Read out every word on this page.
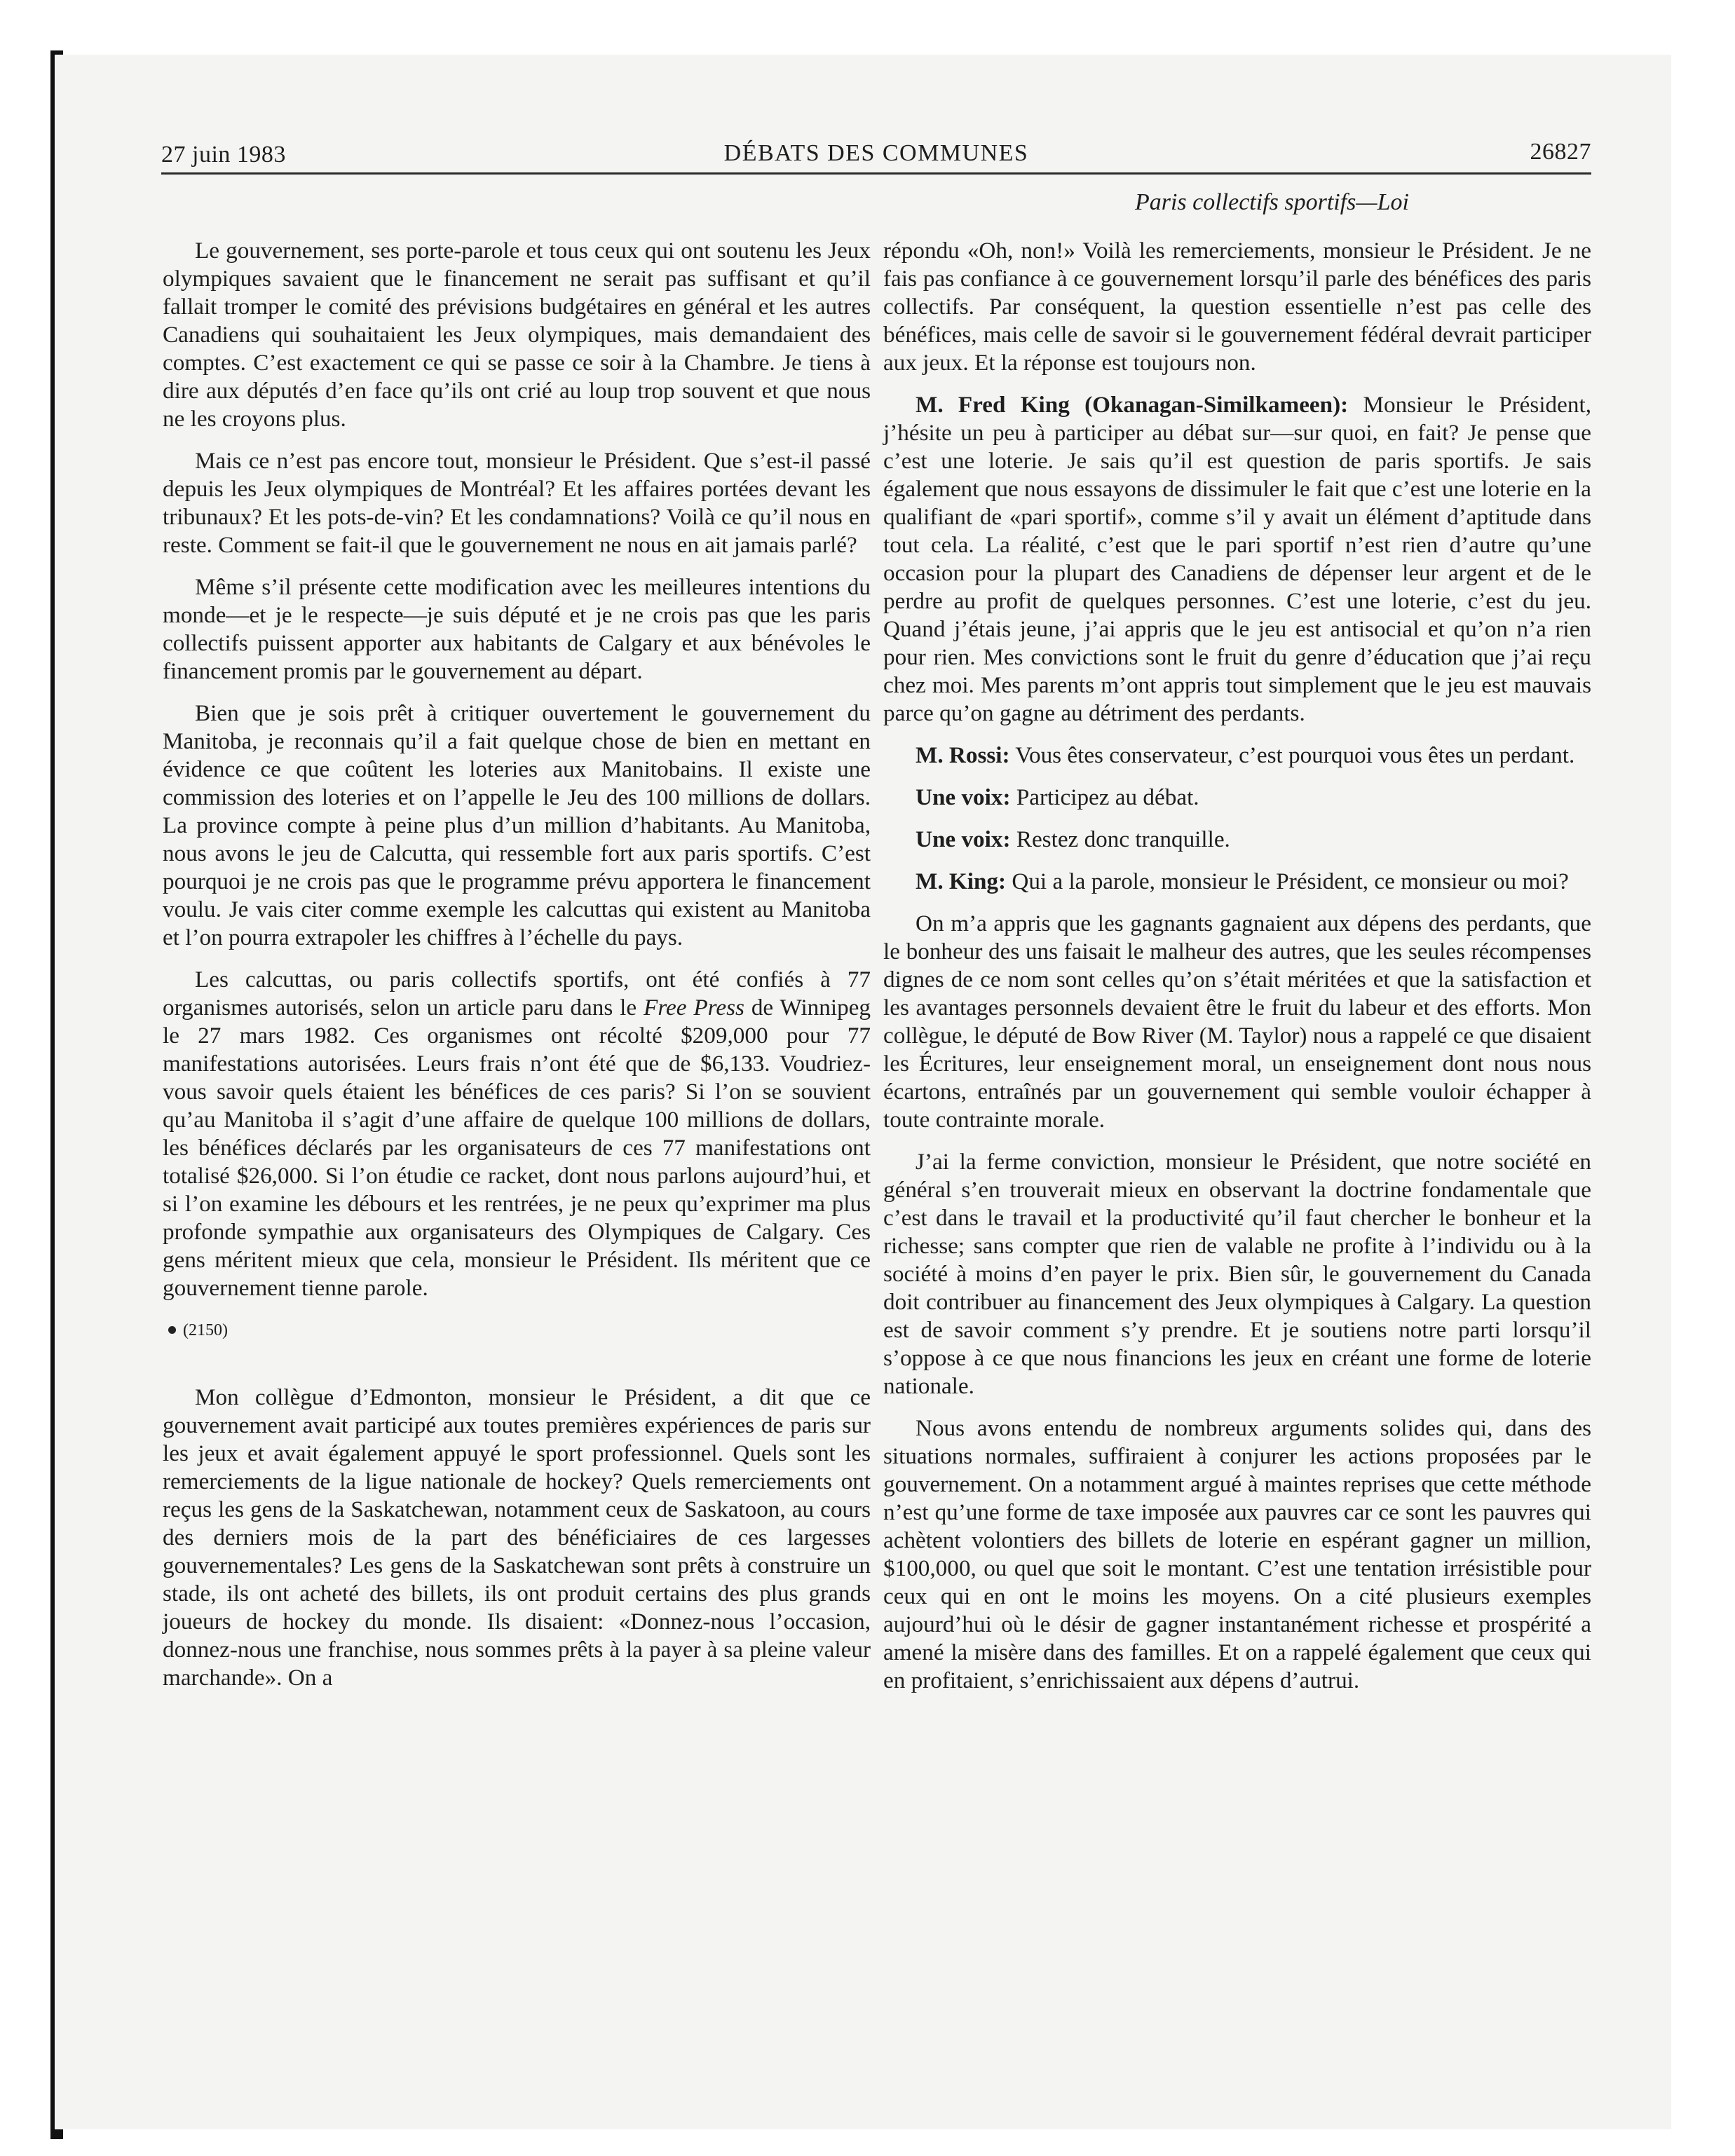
27 juin 1983	DÉBATS DES COMMUNES	26827
Paris collectifs sportifs—Loi

Le gouvernement, ses porte-parole et tous ceux qui ont soutenu les Jeux olympiques savaient que le financement ne serait pas suffisant et qu’il fallait tromper le comité des prévisions budgétaires en général et les autres Canadiens qui souhaitaient les Jeux olympiques, mais demandaient des comptes. C’est exactement ce qui se passe ce soir à la Chambre. Je tiens à dire aux députés d’en face qu’ils ont crié au loup trop souvent et que nous ne les croyons plus.

Mais ce n’est pas encore tout, monsieur le Président. Que s’est-il passé depuis les Jeux olympiques de Montréal? Et les affaires portées devant les tribunaux? Et les pots-de-vin? Et les condamnations? Voilà ce qu’il nous en reste. Comment se fait-il que le gouvernement ne nous en ait jamais parlé?

Même s’il présente cette modification avec les meilleures intentions du monde—et je le respecte—je suis député et je ne crois pas que les paris collectifs puissent apporter aux habitants de Calgary et aux bénévoles le financement promis par le gouvernement au départ.

Bien que je sois prêt à critiquer ouvertement le gouvernement du Manitoba, je reconnais qu’il a fait quelque chose de bien en mettant en évidence ce que coûtent les loteries aux Manitobains. Il existe une commission des loteries et on l’appelle le Jeu des 100 millions de dollars. La province compte à peine plus d’un million d’habitants. Au Manitoba, nous avons le jeu de Calcutta, qui ressemble fort aux paris sportifs. C’est pourquoi je ne crois pas que le programme prévu apportera le financement voulu. Je vais citer comme exemple les calcuttas qui existent au Manitoba et l’on pourra extrapoler les chiffres à l’échelle du pays.

Les calcuttas, ou paris collectifs sportifs, ont été confiés à 77 organismes autorisés, selon un article paru dans le Free Press de Winnipeg le 27 mars 1982. Ces organismes ont récolté $209,000 pour 77 manifestations autorisées. Leurs frais n’ont été que de $6,133. Voudriez-vous savoir quels étaient les bénéfices de ces paris? Si l’on se souvient qu’au Manitoba il s’agit d’une affaire de quelque 100 millions de dollars, les bénéfices déclarés par les organisateurs de ces 77 manifestations ont totalisé $26,000. Si l’on étudie ce racket, dont nous parlons aujourd’hui, et si l’on examine les débours et les rentrées, je ne peux qu’exprimer ma plus profonde sympathie aux organisateurs des Olympiques de Calgary. Ces gens méritent mieux que cela, monsieur le Président. Ils méritent que ce gouvernement tienne parole.

(2150)

Mon collègue d’Edmonton, monsieur le Président, a dit que ce gouvernement avait participé aux toutes premières expériences de paris sur les jeux et avait également appuyé le sport professionnel. Quels sont les remerciements de la ligue nationale de hockey? Quels remerciements ont reçus les gens de la Saskatchewan, notamment ceux de Saskatoon, au cours des derniers mois de la part des bénéficiaires de ces largesses gouvernementales? Les gens de la Saskatchewan sont prêts à construire un stade, ils ont acheté des billets, ils ont produit certains des plus grands joueurs de hockey du monde. Ils disaient: «Donnez-nous l’occasion, donnez-nous une franchise, nous sommes prêts à la payer à sa pleine valeur marchande». On a

répondu «Oh, non!» Voilà les remerciements, monsieur le Président. Je ne fais pas confiance à ce gouvernement lorsqu’il parle des bénéfices des paris collectifs. Par conséquent, la question essentielle n’est pas celle des bénéfices, mais celle de savoir si le gouvernement fédéral devrait participer aux jeux. Et la réponse est toujours non.

M. Fred King (Okanagan-Similkameen): Monsieur le Président, j’hésite un peu à participer au débat sur—sur quoi, en fait? Je pense que c’est une loterie. Je sais qu’il est question de paris sportifs. Je sais également que nous essayons de dissimuler le fait que c’est une loterie en la qualifiant de «pari sportif», comme s’il y avait un élément d’aptitude dans tout cela. La réalité, c’est que le pari sportif n’est rien d’autre qu’une occasion pour la plupart des Canadiens de dépenser leur argent et de le perdre au profit de quelques personnes. C’est une loterie, c’est du jeu. Quand j’étais jeune, j’ai appris que le jeu est antisocial et qu’on n’a rien pour rien. Mes convictions sont le fruit du genre d’éducation que j’ai reçu chez moi. Mes parents m’ont appris tout simplement que le jeu est mauvais parce qu’on gagne au détriment des perdants.

M. Rossi: Vous êtes conservateur, c’est pourquoi vous êtes un perdant.

Une voix: Participez au débat.

Une voix: Restez donc tranquille.

M. King: Qui a la parole, monsieur le Président, ce monsieur ou moi?

On m’a appris que les gagnants gagnaient aux dépens des perdants, que le bonheur des uns faisait le malheur des autres, que les seules récompenses dignes de ce nom sont celles qu’on s’était méritées et que la satisfaction et les avantages personnels devaient être le fruit du labeur et des efforts. Mon collègue, le député de Bow River (M. Taylor) nous a rappelé ce que disaient les Écritures, leur enseignement moral, un enseignement dont nous nous écartons, entraînés par un gouvernement qui semble vouloir échapper à toute contrainte morale.

J’ai la ferme conviction, monsieur le Président, que notre société en général s’en trouverait mieux en observant la doctrine fondamentale que c’est dans le travail et la productivité qu’il faut chercher le bonheur et la richesse; sans compter que rien de valable ne profite à l’individu ou à la société à moins d’en payer le prix. Bien sûr, le gouvernement du Canada doit contribuer au financement des Jeux olympiques à Calgary. La question est de savoir comment s’y prendre. Et je soutiens notre parti lorsqu’il s’oppose à ce que nous financions les jeux en créant une forme de loterie nationale.

Nous avons entendu de nombreux arguments solides qui, dans des situations normales, suffiraient à conjurer les actions proposées par le gouvernement. On a notamment argué à maintes reprises que cette méthode n’est qu’une forme de taxe imposée aux pauvres car ce sont les pauvres qui achètent volontiers des billets de loterie en espérant gagner un million, $100,000, ou quel que soit le montant. C’est une tentation irrésistible pour ceux qui en ont le moins les moyens. On a cité plusieurs exemples aujourd’hui où le désir de gagner instantanément richesse et prospérité a amené la misère dans des familles. Et on a rappelé également que ceux qui en profitaient, s’enrichissaient aux dépens d’autrui.
